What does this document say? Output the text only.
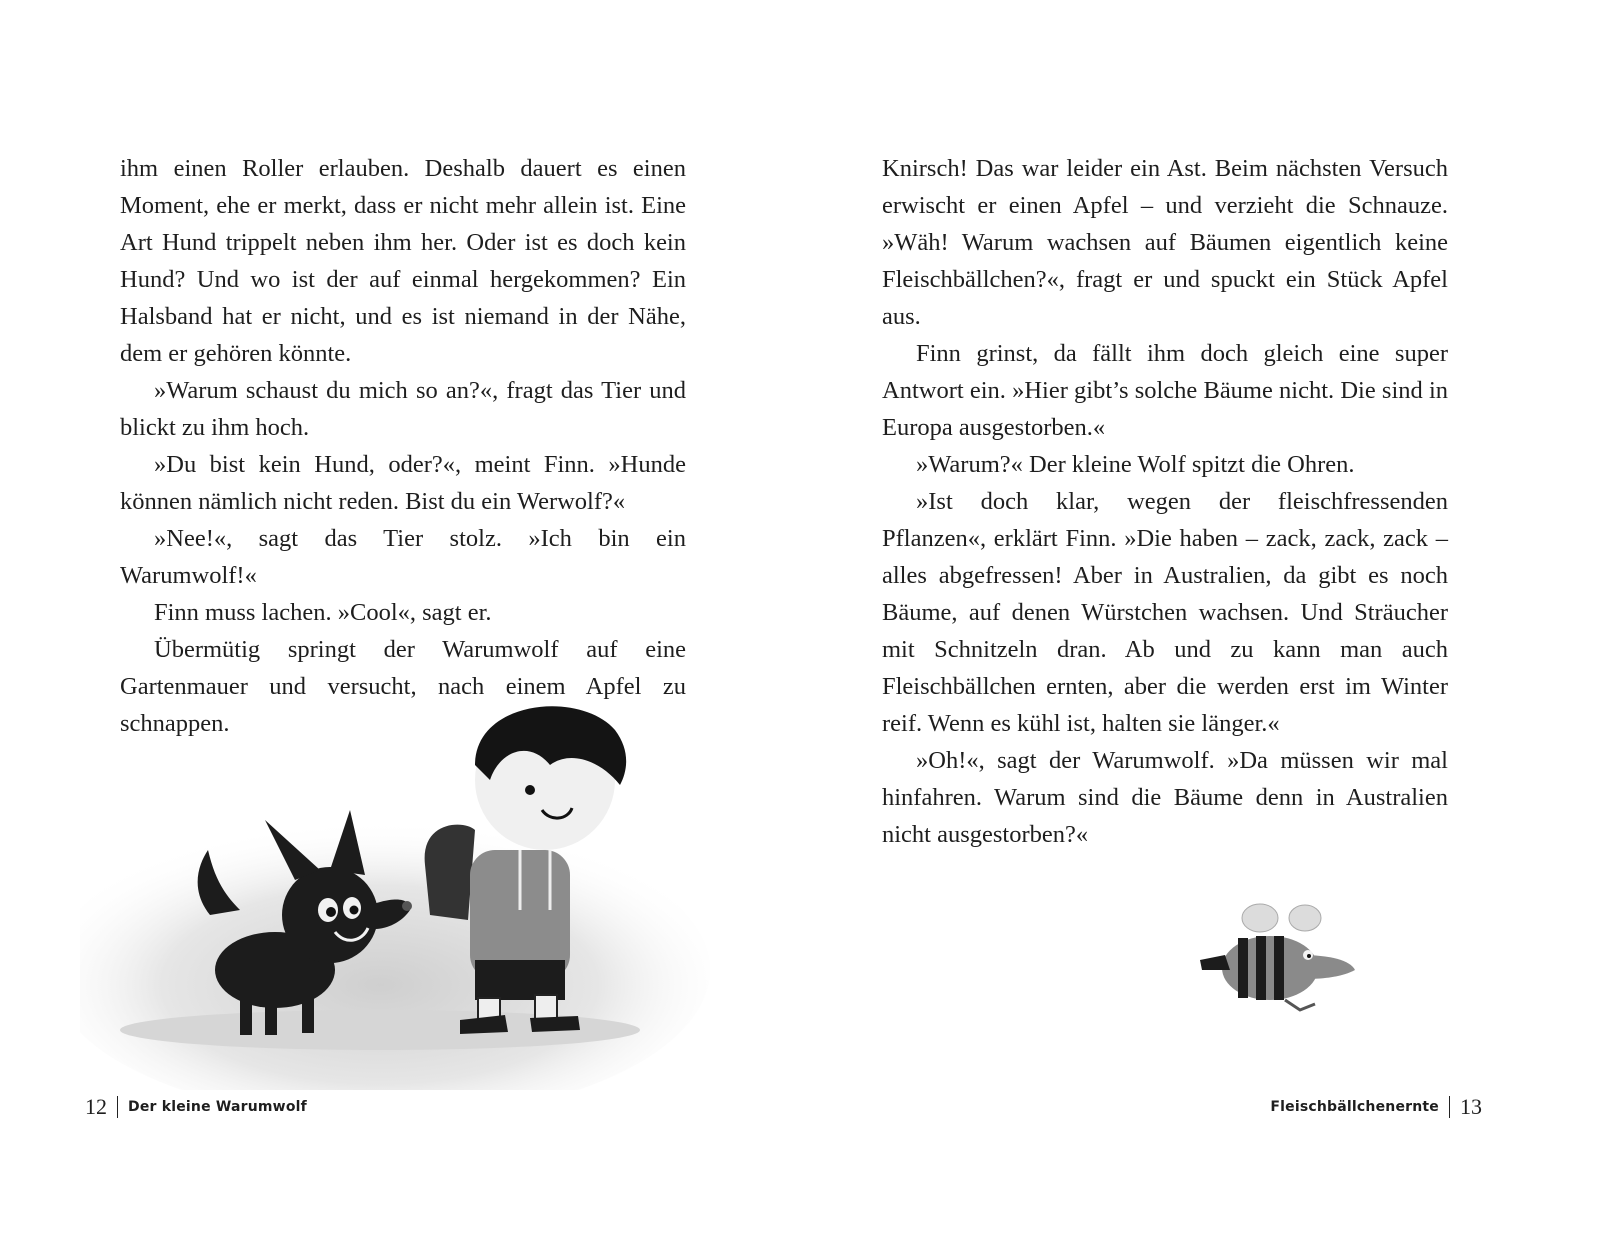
ihm einen Roller erlauben. Deshalb dauert es einen Moment, ehe er merkt, dass er nicht mehr allein ist. Eine Art Hund trippelt neben ihm her. Oder ist es doch kein Hund? Und wo ist der auf einmal hergekommen? Ein Halsband hat er nicht, und es ist niemand in der Nähe, dem er gehören könnte.

»Warum schaust du mich so an?«, fragt das Tier und blickt zu ihm hoch.

»Du bist kein Hund, oder?«, meint Finn. »Hunde können nämlich nicht reden. Bist du ein Werwolf?«

»Nee!«, sagt das Tier stolz. »Ich bin ein Warumwolf!«

Finn muss lachen. »Cool«, sagt er.

Übermütig springt der Warumwolf auf eine Gartenmauer und versucht, nach einem Apfel zu schnappen.

Knirsch! Das war leider ein Ast. Beim nächsten Versuch erwischt er einen Apfel – und verzieht die Schnauze. »Wäh! Warum wachsen auf Bäumen eigentlich keine Fleischbällchen?«, fragt er und spuckt ein Stück Apfel aus.

Finn grinst, da fällt ihm doch gleich eine super Antwort ein. »Hier gibt’s solche Bäume nicht. Die sind in Europa ausgestorben.«

»Warum?« Der kleine Wolf spitzt die Ohren.

»Ist doch klar, wegen der fleischfressenden Pflanzen«, erklärt Finn. »Die haben – zack, zack, zack – alles abgefressen! Aber in Australien, da gibt es noch Bäume, auf denen Würstchen wachsen. Und Sträucher mit Schnitzeln dran. Ab und zu kann man auch Fleischbällchen ernten, aber die werden erst im Winter reif. Wenn es kühl ist, halten sie länger.«

»Oh!«, sagt der Warumwolf. »Da müssen wir mal hinfahren. Warum sind die Bäume denn in Australien nicht ausgestorben?«

12 Der kleine Warumwolf	Fleischbällchenernte 13
